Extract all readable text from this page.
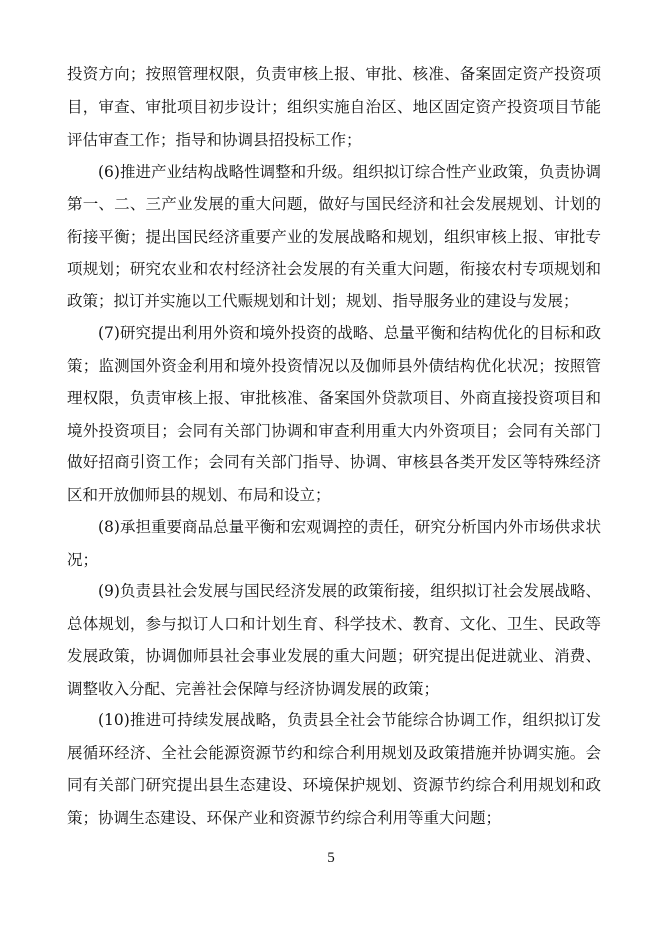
投资方向；按照管理权限，负责审核上报、审批、核准、备案固定资产投资项
目，审查、审批项目初步设计；组织实施自治区、地区固定资产投资项目节能
评估审查工作；指导和协调县招投标工作；
(6)推进产业结构战略性调整和升级。组织拟订综合性产业政策，负责协调
第一、二、三产业发展的重大问题，做好与国民经济和社会发展规划、计划的
衔接平衡；提出国民经济重要产业的发展战略和规划，组织审核上报、审批专
项规划；研究农业和农村经济社会发展的有关重大问题，衔接农村专项规划和
政策；拟订并实施以工代赈规划和计划；规划、指导服务业的建设与发展；
(7)研究提出利用外资和境外投资的战略、总量平衡和结构优化的目标和政
策；监测国外资金利用和境外投资情况以及伽师县外债结构优化状况；按照管
理权限，负责审核上报、审批核准、备案国外贷款项目、外商直接投资项目和
境外投资项目；会同有关部门协调和审查利用重大内外资项目；会同有关部门
做好招商引资工作；会同有关部门指导、协调、审核县各类开发区等特殊经济
区和开放伽师县的规划、布局和设立；
(8)承担重要商品总量平衡和宏观调控的责任，研究分析国内外市场供求状
况；
(9)负责县社会发展与国民经济发展的政策衔接，组织拟订社会发展战略、
总体规划，参与拟订人口和计划生育、科学技术、教育、文化、卫生、民政等
发展政策，协调伽师县社会事业发展的重大问题；研究提出促进就业、消费、
调整收入分配、完善社会保障与经济协调发展的政策；
(10)推进可持续发展战略，负责县全社会节能综合协调工作，组织拟订发
展循环经济、全社会能源资源节约和综合利用规划及政策措施并协调实施。会
同有关部门研究提出县生态建设、环境保护规划、资源节约综合利用规划和政
策；协调生态建设、环保产业和资源节约综合利用等重大问题；
5
